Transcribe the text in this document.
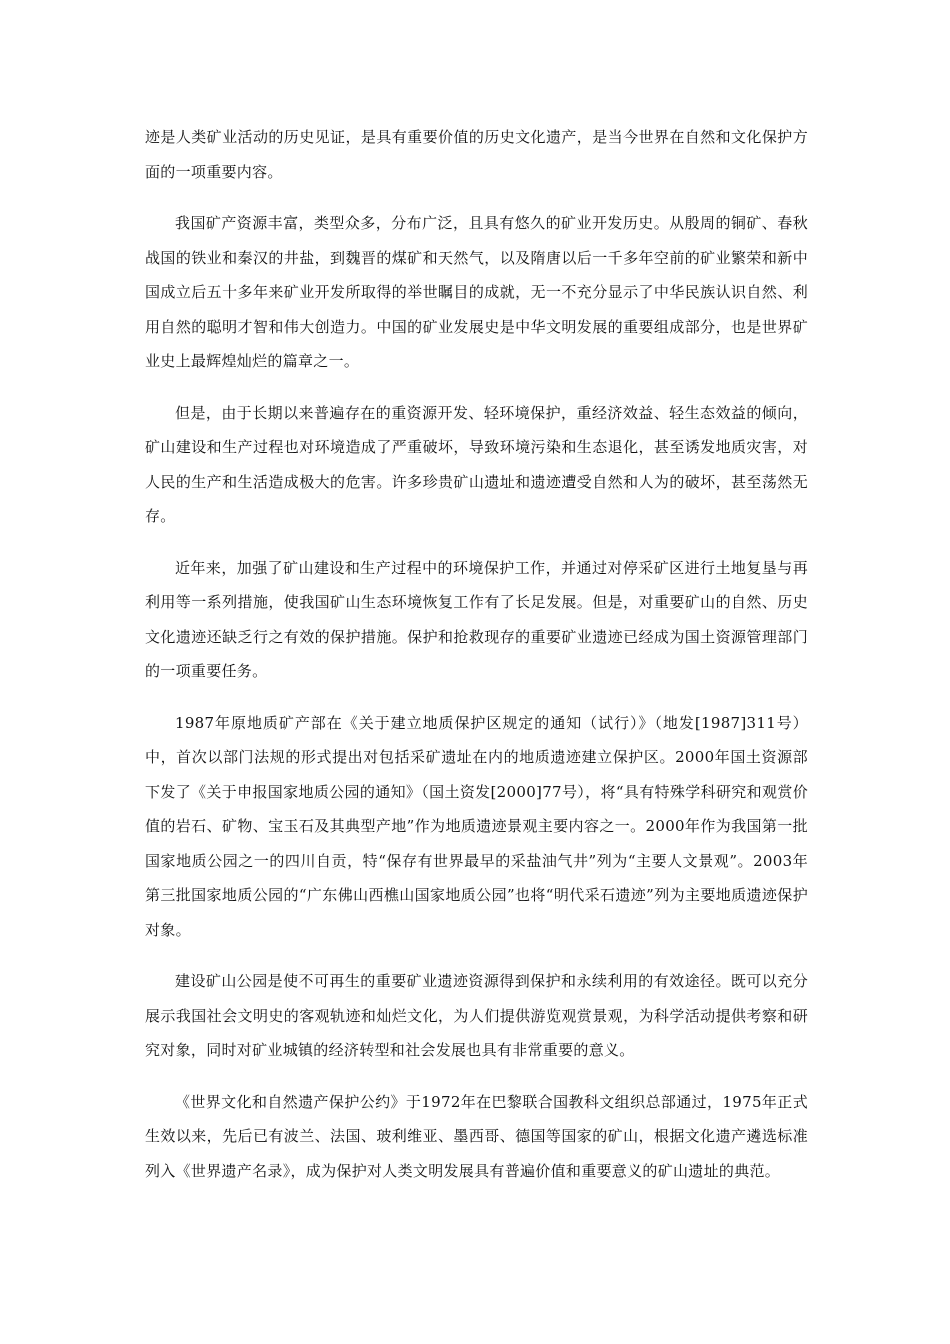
迹是人类矿业活动的历史见证，是具有重要价值的历史文化遗产，是当今世界在自然和文化保护方面的一项重要内容。

我国矿产资源丰富，类型众多，分布广泛，且具有悠久的矿业开发历史。从殷周的铜矿、春秋战国的铁业和秦汉的井盐，到魏晋的煤矿和天然气，以及隋唐以后一千多年空前的矿业繁荣和新中国成立后五十多年来矿业开发所取得的举世瞩目的成就，无一不充分显示了中华民族认识自然、利用自然的聪明才智和伟大创造力。中国的矿业发展史是中华文明发展的重要组成部分，也是世界矿业史上最辉煌灿烂的篇章之一。

但是，由于长期以来普遍存在的重资源开发、轻环境保护，重经济效益、轻生态效益的倾向，矿山建设和生产过程也对环境造成了严重破坏，导致环境污染和生态退化，甚至诱发地质灾害，对人民的生产和生活造成极大的危害。许多珍贵矿山遗址和遗迹遭受自然和人为的破坏，甚至荡然无存。

近年来，加强了矿山建设和生产过程中的环境保护工作，并通过对停采矿区进行土地复垦与再利用等一系列措施，使我国矿山生态环境恢复工作有了长足发展。但是，对重要矿山的自然、历史文化遗迹还缺乏行之有效的保护措施。保护和抢救现存的重要矿业遗迹已经成为国土资源管理部门的一项重要任务。

1987年原地质矿产部在《关于建立地质保护区规定的通知（试行）》（地发[1987]311号）中，首次以部门法规的形式提出对包括采矿遗址在内的地质遗迹建立保护区。2000年国土资源部下发了《关于申报国家地质公园的通知》（国土资发[2000]77号），将“具有特殊学科研究和观赏价值的岩石、矿物、宝玉石及其典型产地”作为地质遗迹景观主要内容之一。2000年作为我国第一批国家地质公园之一的四川自贡，特“保存有世界最早的采盐油气井”列为“主要人文景观”。2003年第三批国家地质公园的“广东佛山西樵山国家地质公园”也将“明代采石遗迹”列为主要地质遗迹保护对象。

建设矿山公园是使不可再生的重要矿业遗迹资源得到保护和永续利用的有效途径。既可以充分展示我国社会文明史的客观轨迹和灿烂文化，为人们提供游览观赏景观，为科学活动提供考察和研究对象，同时对矿业城镇的经济转型和社会发展也具有非常重要的意义。

《世界文化和自然遗产保护公约》于1972年在巴黎联合国教科文组织总部通过，1975年正式生效以来，先后已有波兰、法国、玻利维亚、墨西哥、德国等国家的矿山，根据文化遗产遴选标准列入《世界遗产名录》，成为保护对人类文明发展具有普遍价值和重要意义的矿山遗址的典范。
